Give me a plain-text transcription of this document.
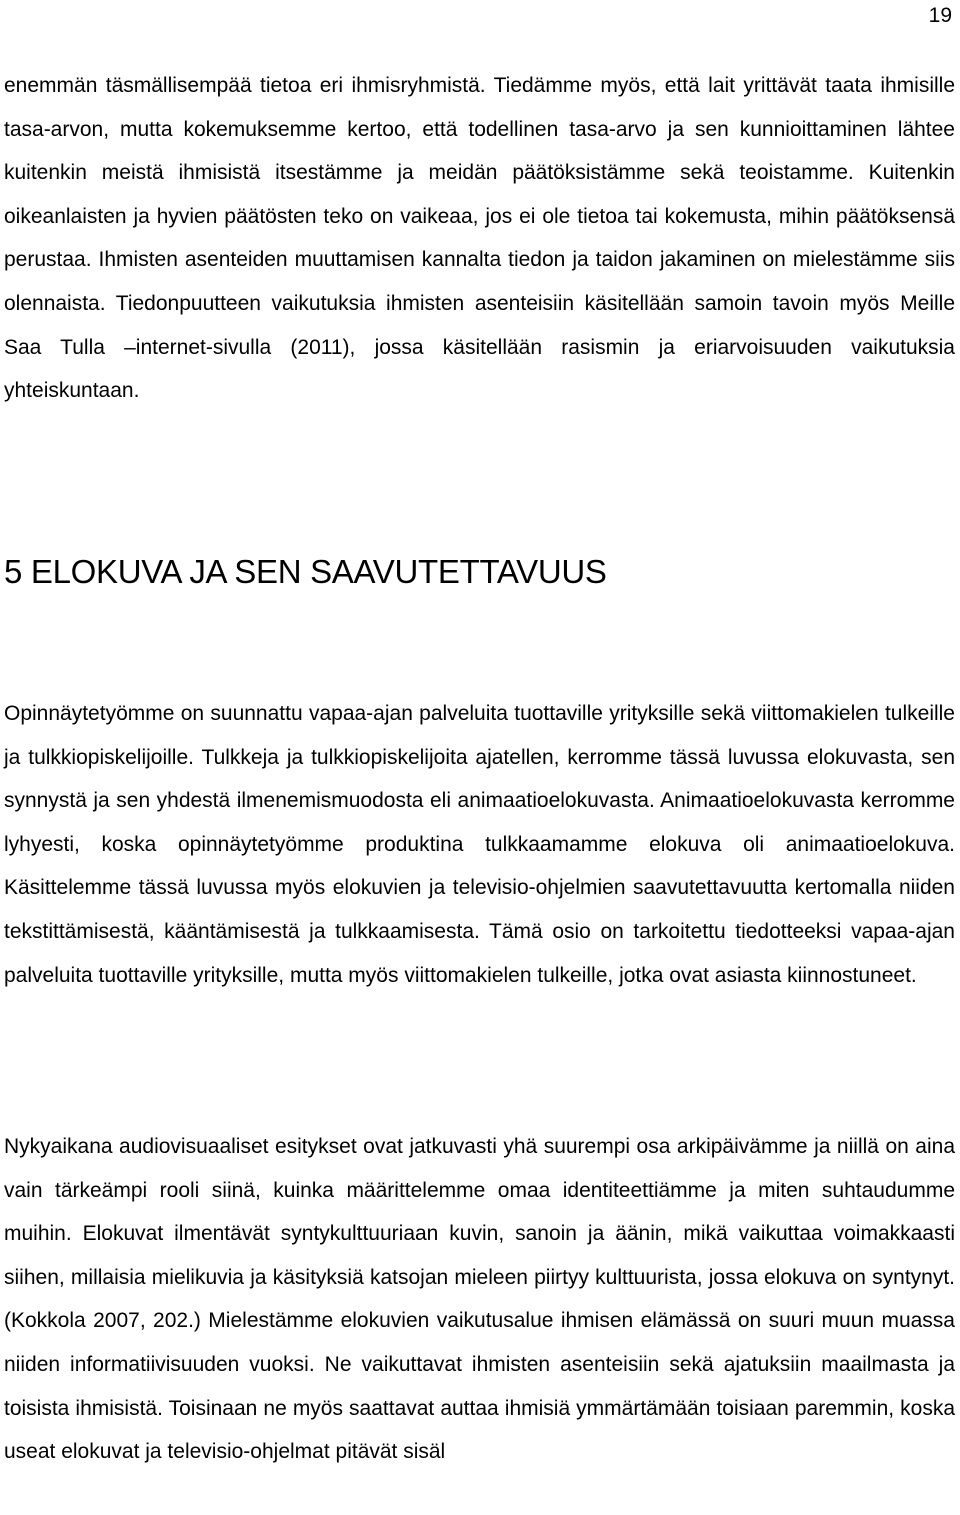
19

enemmän täsmällisempää tietoa eri ihmisryhmistä. Tiedämme myös, että lait yrittävät taata ihmisille tasa-arvon, mutta kokemuksemme kertoo, että todellinen tasa-arvo ja sen kunnioittaminen lähtee kuitenkin meistä ihmisistä itsestämme ja meidän päätöksistämme sekä teoistamme. Kuitenkin oikeanlaisten ja hyvien päätösten teko on vaikeaa, jos ei ole tietoa tai kokemusta, mihin päätöksensä perustaa. Ihmisten asenteiden muuttamisen kannalta tiedon ja taidon jakaminen on mielestämme siis olennaista. Tiedonpuutteen vaikutuksia ihmisten asenteisiin käsitellään samoin tavoin myös Meille Saa Tulla –internet-sivulla (2011), jossa käsitellään rasismin ja eriarvoisuuden vaikutuksia yhteiskuntaan.

5 ELOKUVA JA SEN SAAVUTETTAVUUS

Opinnäytetyömme on suunnattu vapaa-ajan palveluita tuottaville yrityksille sekä viittomakielen tulkeille ja tulkkiopiskelijoille. Tulkkeja ja tulkkiopiskelijoita ajatellen, kerromme tässä luvussa elokuvasta, sen synnystä ja sen yhdestä ilmenemismuodosta eli animaatioelokuvasta. Animaatioelokuvasta kerromme lyhyesti, koska opinnäytetyömme produktina tulkkaamamme elokuva oli animaatioelokuva. Käsittelemme tässä luvussa myös elokuvien ja televisio-ohjelmien saavutettavuutta kertomalla niiden tekstittämisestä, kääntämisestä ja tulkkaamisesta. Tämä osio on tarkoitettu tiedotteeksi vapaa-ajan palveluita tuottaville yrityksille, mutta myös viittomakielen tulkeille, jotka ovat asiasta kiinnostuneet.

Nykyaikana audiovisuaaliset esitykset ovat jatkuvasti yhä suurempi osa arkipäivämme ja niillä on aina vain tärkeämpi rooli siinä, kuinka määrittelemme omaa identiteettiämme ja miten suhtaudumme muihin. Elokuvat ilmentävät syntykulttuuriaan kuvin, sanoin ja äänin, mikä vaikuttaa voimakkaasti siihen, millaisia mielikuvia ja käsityksiä katsojan mieleen piirtyy kulttuurista, jossa elokuva on syntynyt. (Kokkola 2007, 202.) Mielestämme elokuvien vaikutusalue ihmisen elämässä on suuri muun muassa niiden informatiivisuuden vuoksi. Ne vaikuttavat ihmisten asenteisiin sekä ajatuksiin maailmasta ja toisista ihmisistä. Toisinaan ne myös saattavat auttaa ihmisiä ymmärtämään toisiaan paremmin, koska useat elokuvat ja televisio-ohjelmat pitävät sisäl
